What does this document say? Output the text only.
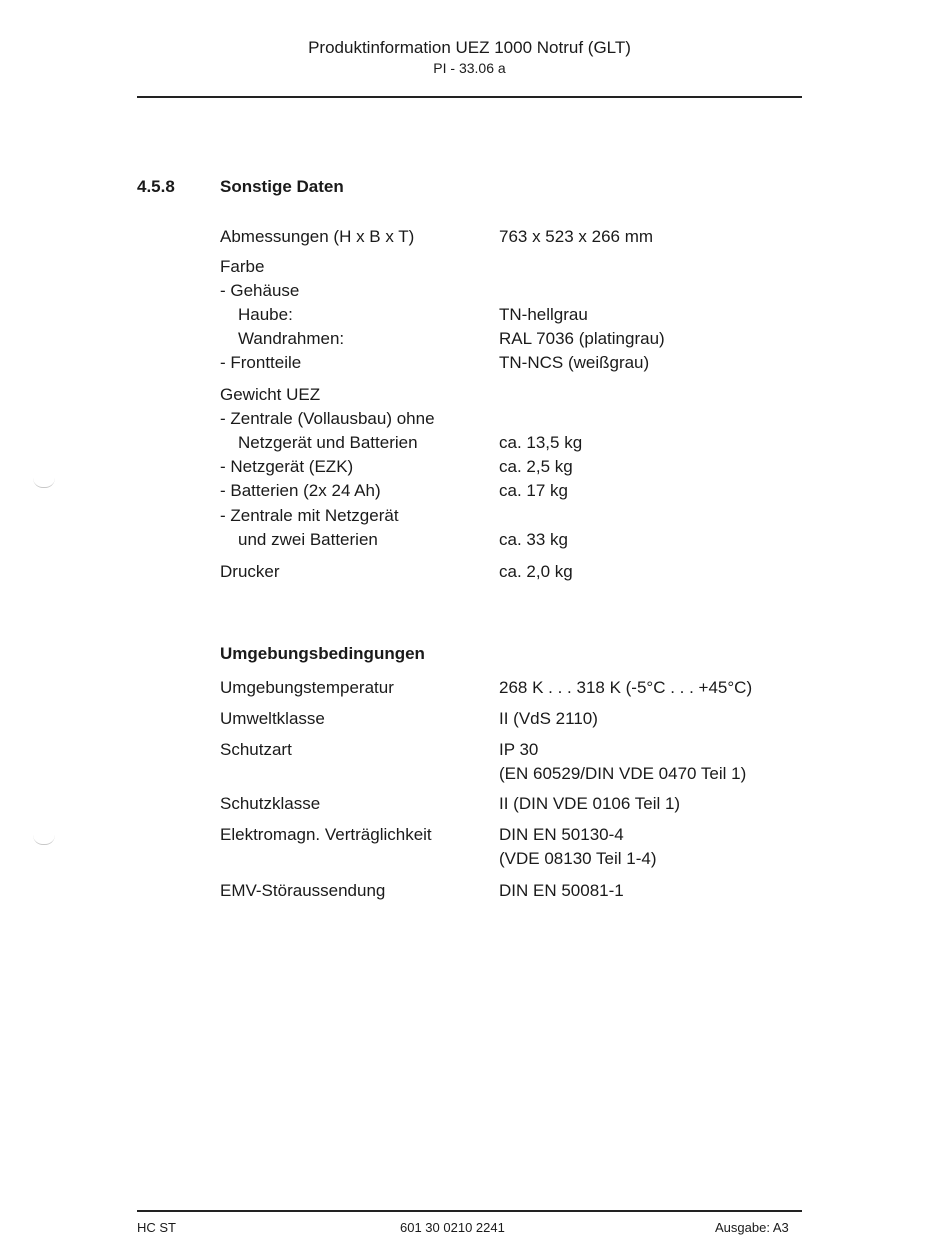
Produktinformation UEZ 1000 Notruf (GLT)
PI - 33.06 a
4.5.8	Sonstige Daten
Abmessungen (H x B x T)	763 x 523 x 266 mm
Farbe
- Gehäuse
Haube:	TN-hellgrau
Wandrahmen:	RAL 7036 (platingrau)
- Frontteile	TN-NCS (weißgrau)
Gewicht UEZ
- Zentrale (Vollausbau) ohne
Netzgerät und Batterien	ca. 13,5 kg
- Netzgerät (EZK)	ca. 2,5 kg
- Batterien (2x 24 Ah)	ca. 17 kg
- Zentrale mit Netzgerät
und zwei Batterien	ca. 33 kg
Drucker	ca. 2,0 kg
Umgebungsbedingungen
Umgebungstemperatur	268 K . . . 318 K (-5°C . . . +45°C)
Umweltklasse	II (VdS 2110)
Schutzart	IP 30
(EN 60529/DIN VDE 0470 Teil 1)
Schutzklasse	II (DIN VDE 0106 Teil 1)
Elektromagn. Verträglichkeit	DIN EN 50130-4
(VDE 08130 Teil 1-4)
EMV-Störaussendung	DIN EN 50081-1
HC ST	601 30 0210 2241	Ausgabe: A3
